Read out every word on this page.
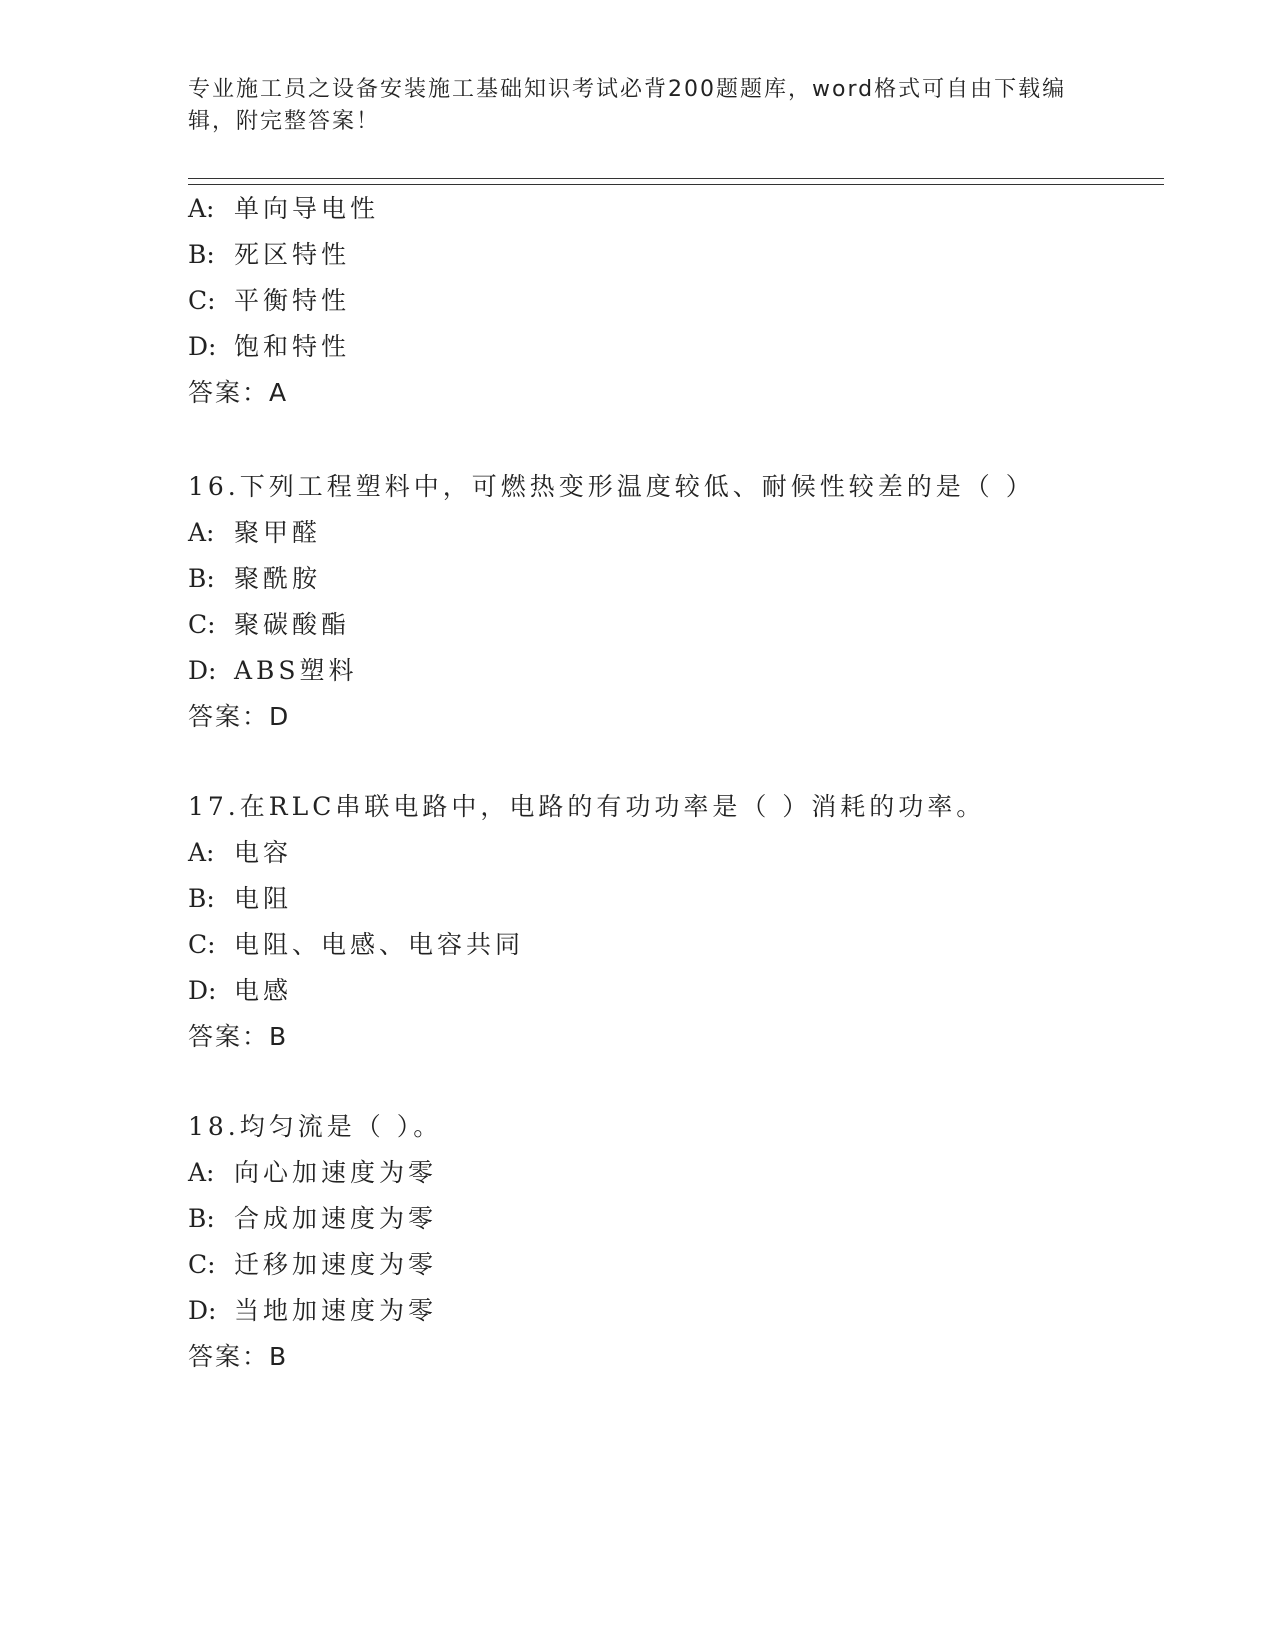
专业施工员之设备安装施工基础知识考试必背200题题库，word格式可自由下载编辑，附完整答案！
A: 单向导电性
B: 死区特性
C: 平衡特性
D: 饱和特性
答案：A
16.下列工程塑料中，可燃热变形温度较低、耐候性较差的是（ ）
A: 聚甲醛
B: 聚酰胺
C: 聚碳酸酯
D: ABS塑料
答案：D
17.在RLC串联电路中，电路的有功功率是（ ）消耗的功率。
A: 电容
B: 电阻
C: 电阻、电感、电容共同
D: 电感
答案：B
18.均匀流是（ ）。
A: 向心加速度为零
B: 合成加速度为零
C: 迁移加速度为零
D: 当地加速度为零
答案：B
